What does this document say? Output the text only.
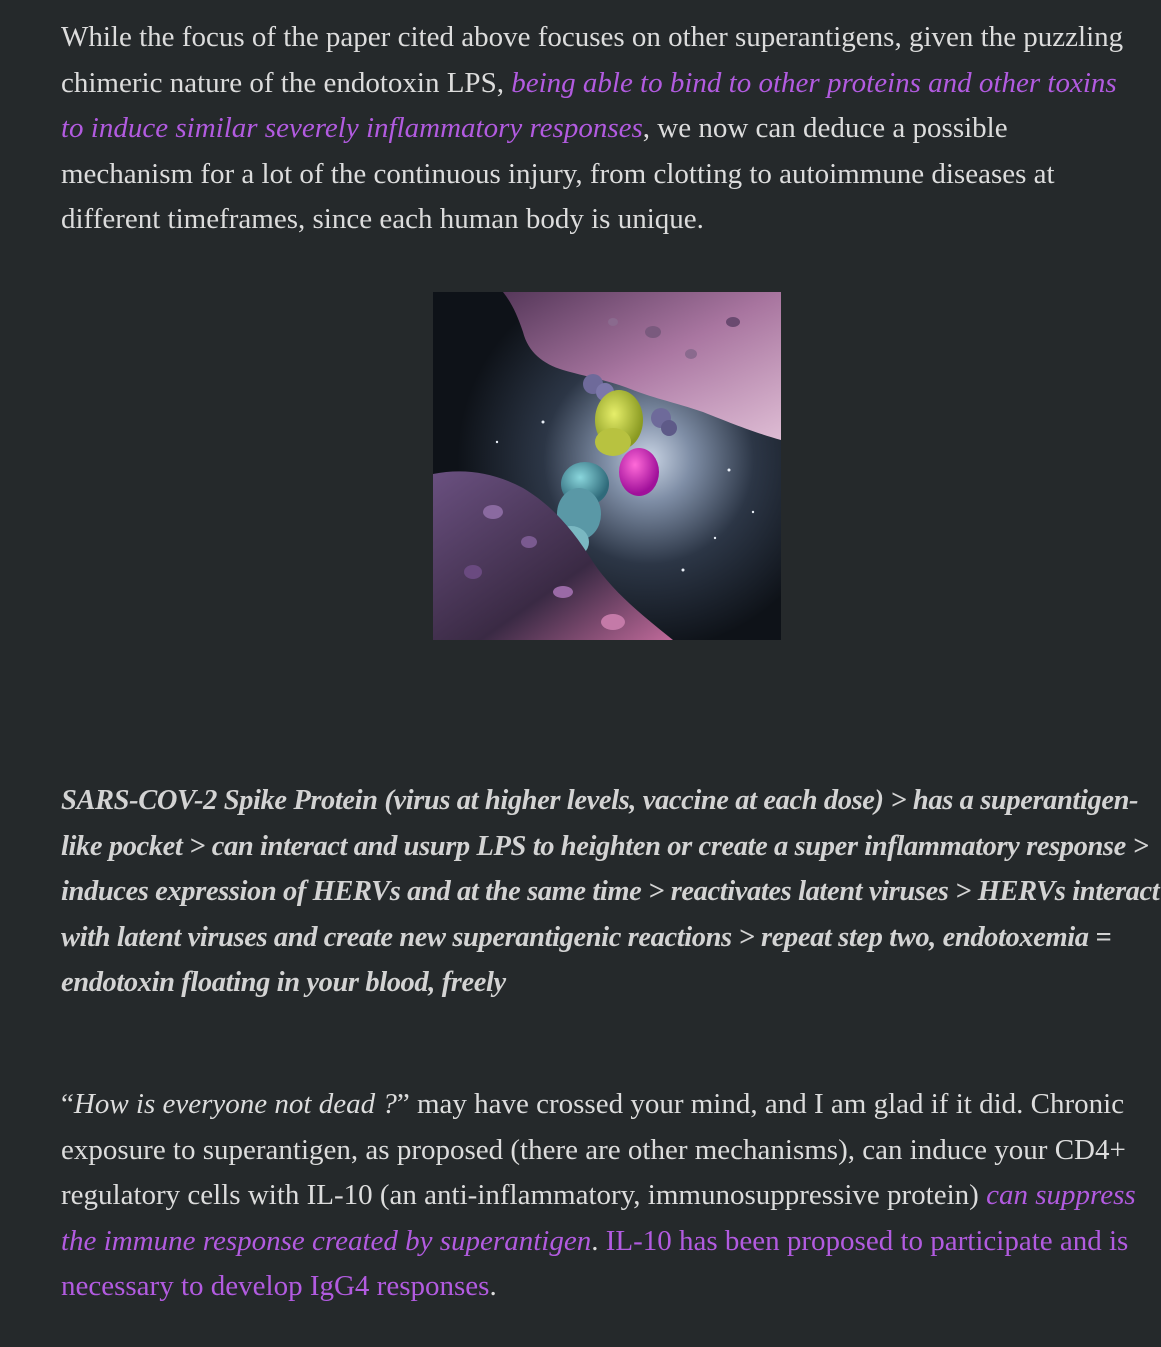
While the focus of the paper cited above focuses on other superantigens, given the puzzling chimeric nature of the endotoxin LPS, being able to bind to other proteins and other toxins to induce similar severely inflammatory responses, we now can deduce a possible mechanism for a lot of the continuous injury, from clotting to autoimmune diseases at different timeframes, since each human body is unique.

SARS-COV-2 Spike Protein (virus at higher levels, vaccine at each dose) > has a superantigen-like pocket > can interact and usurp LPS to heighten or create a super inflammatory response > induces expression of HERVs and at the same time > reactivates latent viruses > HERVs interact with latent viruses and create new superantigenic reactions > repeat step two, endotoxemia = endotoxin floating in your blood, freely

“How is everyone not dead ?” may have crossed your mind, and I am glad if it did. Chronic exposure to superantigen, as proposed (there are other mechanisms), can induce your CD4+ regulatory cells with IL-10 (an anti-inflammatory, immunosuppressive protein) can suppress the immune response created by superantigen. IL-10 has been proposed to participate and is necessary to develop IgG4 responses.
